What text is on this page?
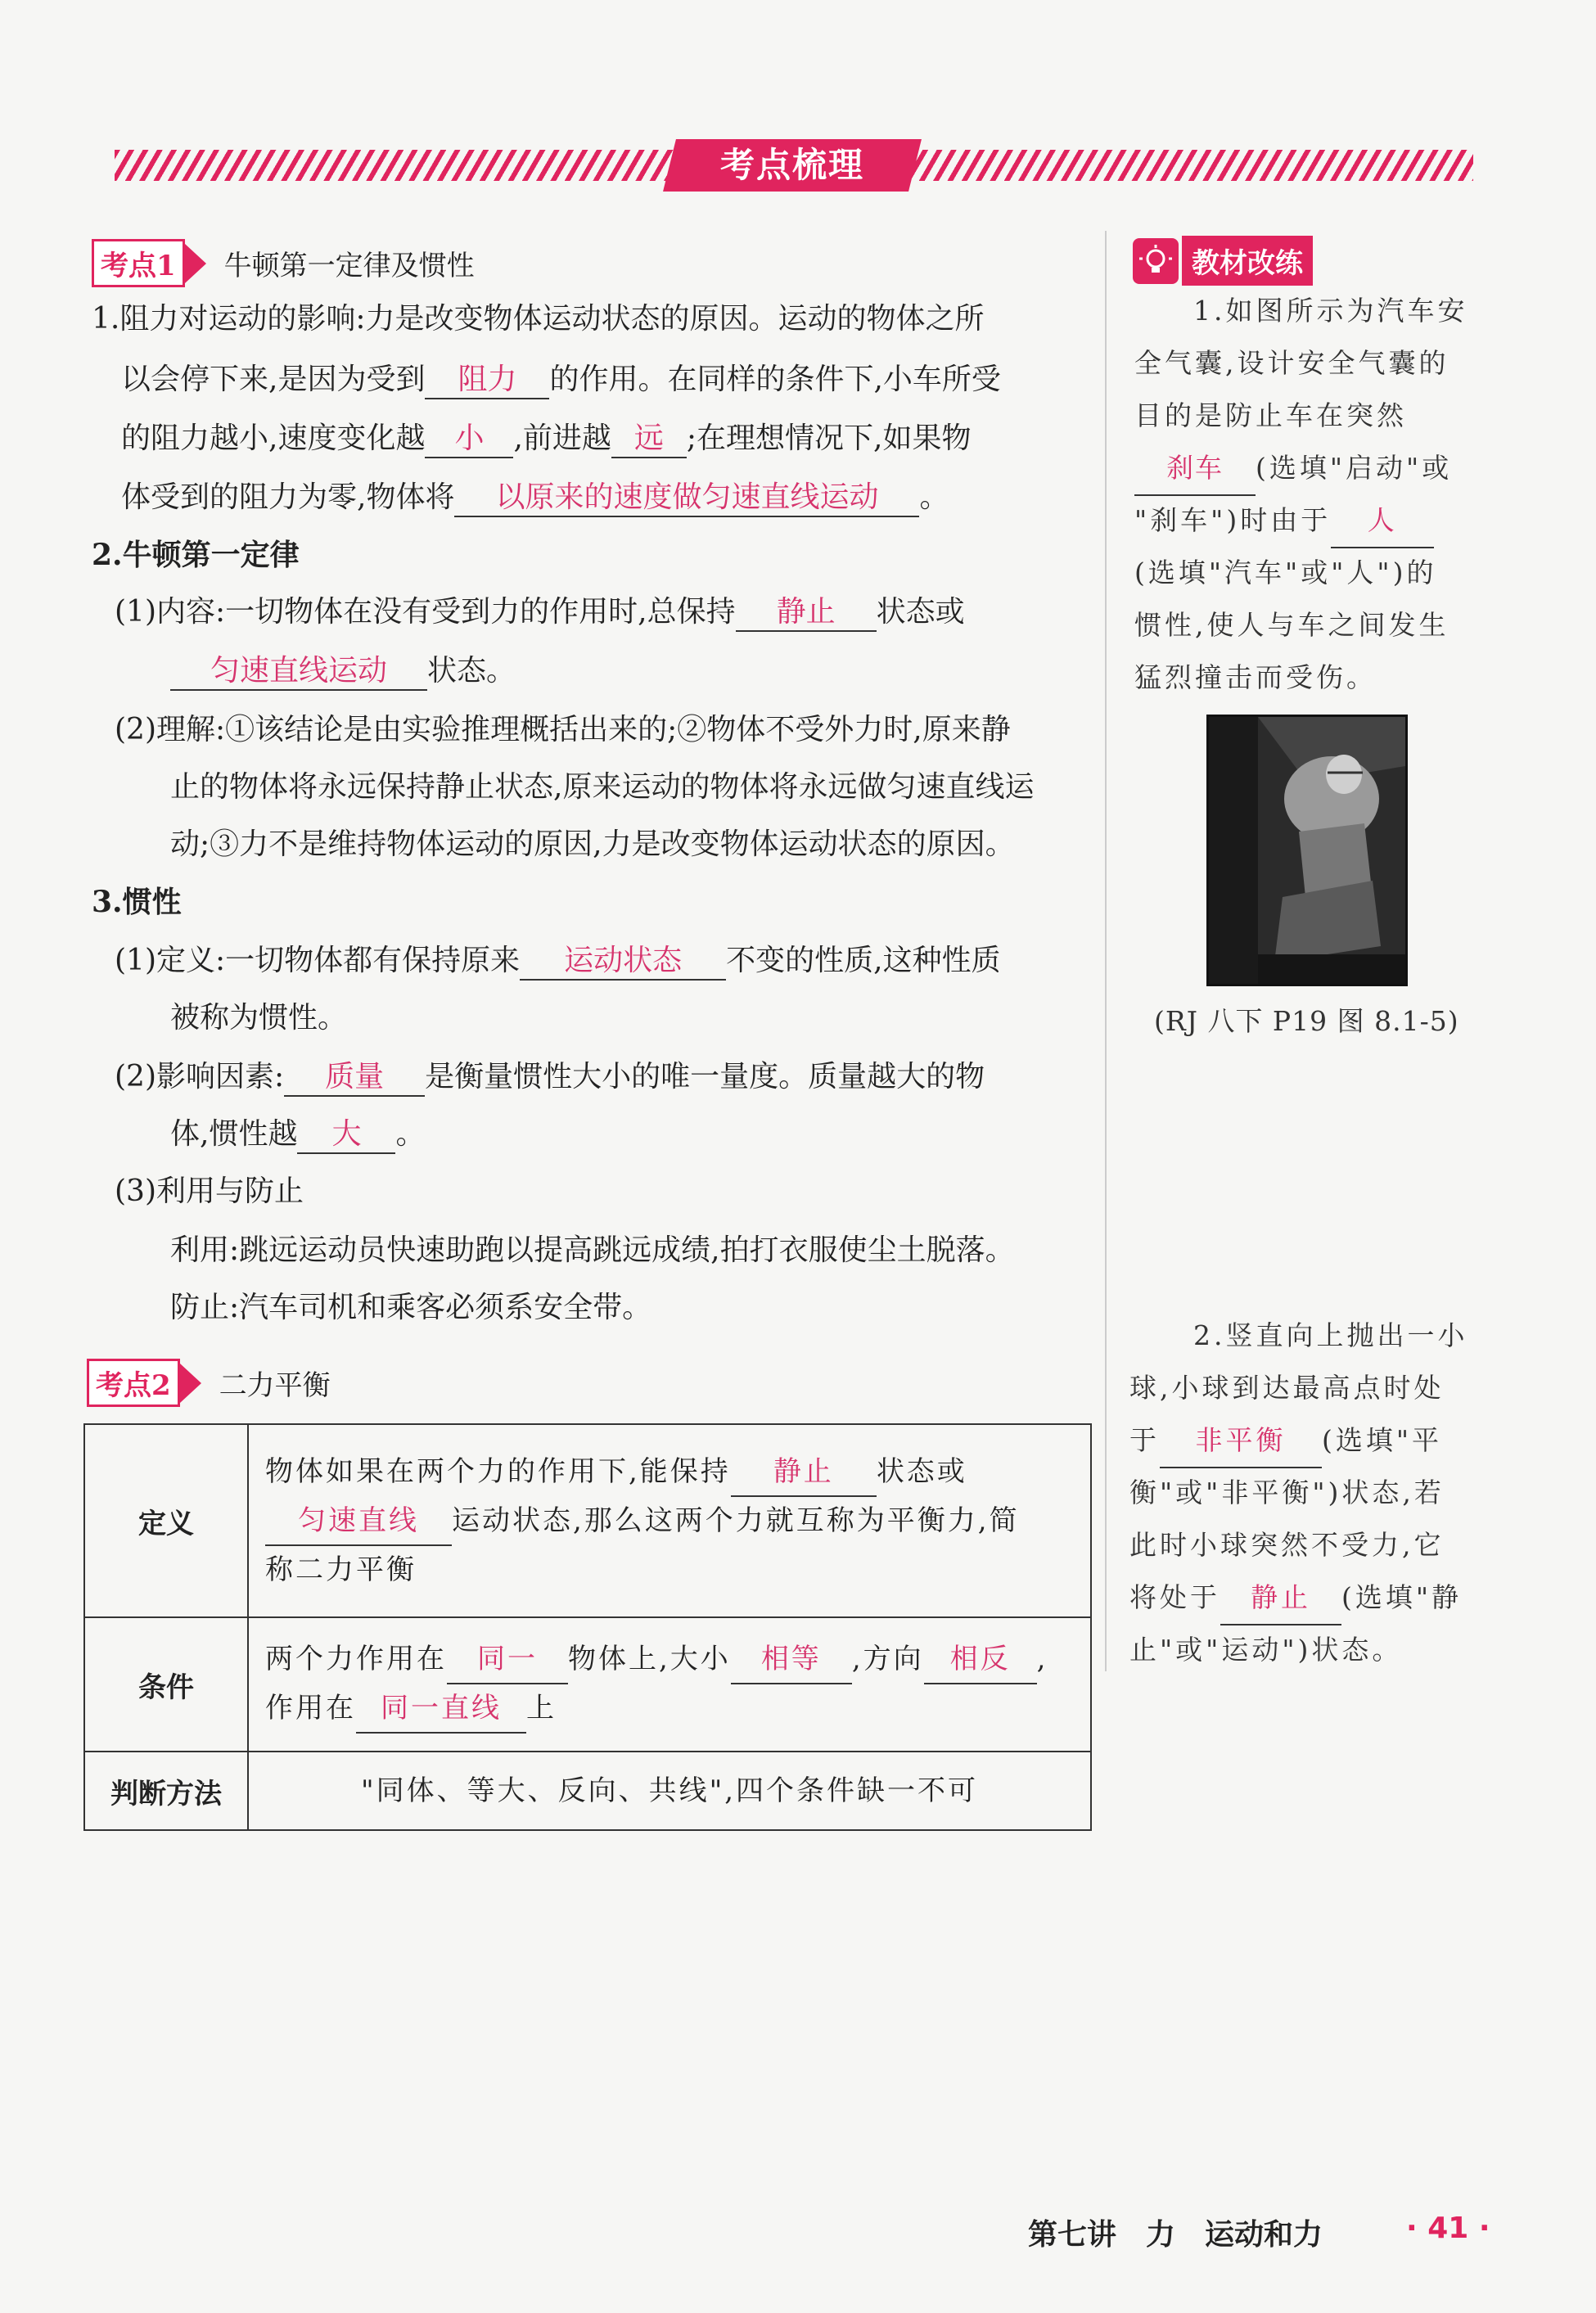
考点梳理
考点1	牛顿第一定律及惯性
1.阻力对运动的影响:力是改变物体运动状态的原因。运动的物体之所
以会停下来,是因为受到 阻力 的作用。在同样的条件下,小车所受
的阻力越小,速度变化越 小 ,前进越 远 ;在理想情况下,如果物
体受到的阻力为零,物体将 以原来的速度做匀速直线运动 。
2.牛顿第一定律
(1)内容:一切物体在没有受到力的作用时,总保持 静止 状态或
匀速直线运动 状态。
(2)理解:①该结论是由实验推理概括出来的;②物体不受外力时,原来静
止的物体将永远保持静止状态,原来运动的物体将永远做匀速直线运
动;③力不是维持物体运动的原因,力是改变物体运动状态的原因。
3.惯性
(1)定义:一切物体都有保持原来 运动状态 不变的性质,这种性质
被称为惯性。
(2)影响因素: 质量 是衡量惯性大小的唯一量度。质量越大的物
体,惯性越 大 。
(3)利用与防止
利用:跳远运动员快速助跑以提高跳远成绩,拍打衣服使尘土脱落。
防止:汽车司机和乘客必须系安全带。
考点2	二力平衡
定义	物体如果在两个力的作用下,能保持 静止 状态或
匀速直线 运动状态,那么这两个力就互称为平衡力,简
称二力平衡
条件	两个力作用在 同一 物体上,大小 相等 ,方向 相反 ,
作用在 同一直线 上
判断方法	"同体、等大、反向、共线",四个条件缺一不可
教材改练
1.如图所示为汽车安
全气囊,设计安全气囊的
目的是防止车在突然
刹车 (选填"启动"或
"刹车")时由于 人
(选填"汽车"或"人")的
惯性,使人与车之间发生
猛烈撞击而受伤。
(RJ 八下 P19 图 8.1-5)
2.竖直向上抛出一小
球,小球到达最高点时处
于 非平衡 (选填"平
衡"或"非平衡")状态,若
此时小球突然不受力,它
将处于 静止 (选填"静
止"或"运动")状态。
第七讲　力　运动和力	· 41 ·
